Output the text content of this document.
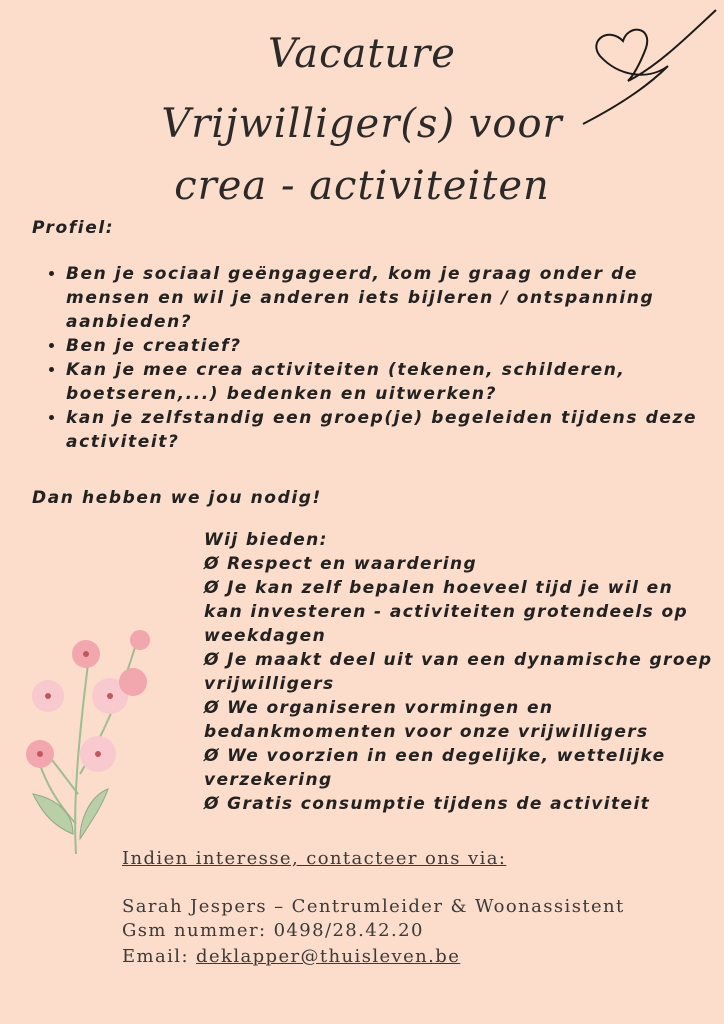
Vacature
Vrijwilliger(s) voor
crea - activiteiten
Profiel:
• Ben je sociaal geëngageerd, kom je graag onder de mensen en wil je anderen iets bijleren / ontspanning aanbieden?
• Ben je creatief?
• Kan je mee crea activiteiten (tekenen, schilderen, boetseren,...) bedenken en uitwerken?
• kan je zelfstandig een groep(je) begeleiden tijdens deze activiteit?
Dan hebben we jou nodig!
Wij bieden:
Ø Respect en waardering
Ø Je kan zelf bepalen hoeveel tijd je wil en kan investeren - activiteiten grotendeels op weekdagen
Ø Je maakt deel uit van een dynamische groep vrijwilligers
Ø We organiseren vormingen en bedankmomenten voor onze vrijwilligers
Ø We voorzien in een degelijke, wettelijke verzekering
Ø Gratis consumptie tijdens de activiteit
Indien interesse, contacteer ons via:
Sarah Jespers – Centrumleider & Woonassistent
Gsm nummer: 0498/28.42.20
Email: deklapper@thuisleven.be
